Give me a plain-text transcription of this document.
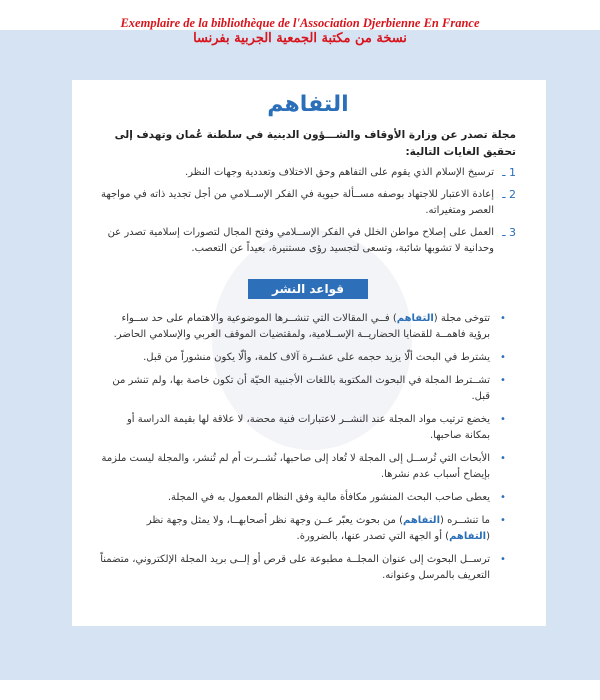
Exemplaire de la bibliothèque de l'Association Djerbienne En France
نسخة من مكتبة الجمعية الجربية بفرنسا
التفاهم
مجلة تصدر عن وزارة الأوقاف والشـــؤون الدينية في سلطنة عُمان وتهدف إلى تحقيق الغايات التالية:
1 ـ
ترسيخ الإسلام الذي يقوم على التفاهم وحق الاختلاف وتعددية وجهات النظر.
2 ـ
إعادة الاعتبار للاجتهاد بوصفه مســألة حيوية في الفكر الإســلامي من أجل تجديد ذاته في مواجهة العصر ومتغيراته.
3 ـ
العمل على إصلاح مواطن الخلل في الفكر الإســلامي وفتح المجال لتصورات إسلامية تصدر عن وحدانية لا تشوبها شائبة، وتسعى لتجسيد رؤى مستنيرة، بعيداً عن التعصب.
قواعد النشر
•
تتوخى مجلة (التفاهم) فــي المقالات التي تنشــرها الموضوعية والاهتمام على حد ســواء برؤية فاهمــة للقضايا الحضاريــة الإســلامية، ولمقتضيات الموقف العربي والإسلامي الحاضر.
•
يشترط في البحث ألّا يزيد حجمه على عشــرة آلاف كلمة، وألّا يكون منشوراً من قبل.
•
تشــترط المجلة في البحوث المكتوبة باللغات الأجنبية الحيّة أن تكون خاصة بها، ولم تنشر من قبل.
•
يخضع ترتيب مواد المجلة عند النشــر لاعتبارات فنية محضة، لا علاقة لها بقيمة الدراسة أو بمكانة صاحبها.
•
الأبحاث التي تُرســل إلى المجلة لا تُعاد إلى صاحبها، نُشــرت أم لم تُنشر، والمجلة ليست ملزمة بإيضاح أسباب عدم نشرها.
•
يعطى صاحب البحث المنشور مكافأة مالية وفق النظام المعمول به في المجلة.
•
ما تنشــره (التفاهم) من بحوث يعبّر عــن وجهة نظر أصحابهــا، ولا يمثل وجهة نظر (التفاهم) أو الجهة التي تصدر عنها، بالضرورة.
•
ترســل البحوث إلى عنوان المجلــة مطبوعة على قرص أو إلــى بريد المجلة الإلكتروني، متضمناً التعريف بالمرسل وعنوانه.
